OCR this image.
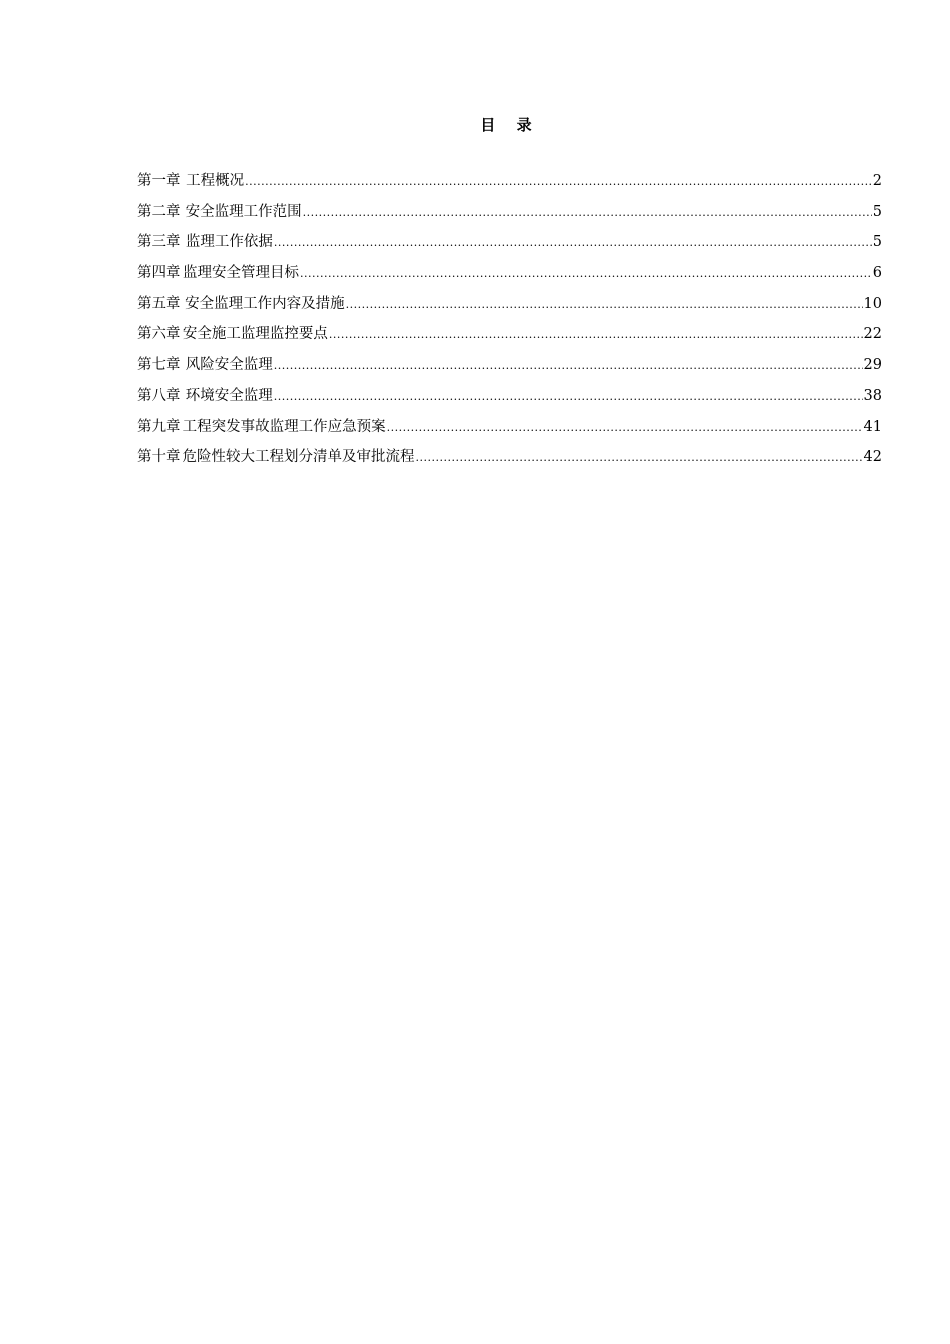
目 录
第一章 工程概况 .....	2
第二章 安全监理工作范围 .....	5
第三章 监理工作依据 .....	5
第四章 监理安全管理目标 .....	6
第五章 安全监理工作内容及措施 .....	10
第六章 安全施工监理监控要点 .....	22
第七章 风险安全监理 .....	29
第八章 环境安全监理 .....	38
第九章 工程突发事故监理工作应急预案 .....	41
第十章 危险性较大工程划分清单及审批流程 .....	42
